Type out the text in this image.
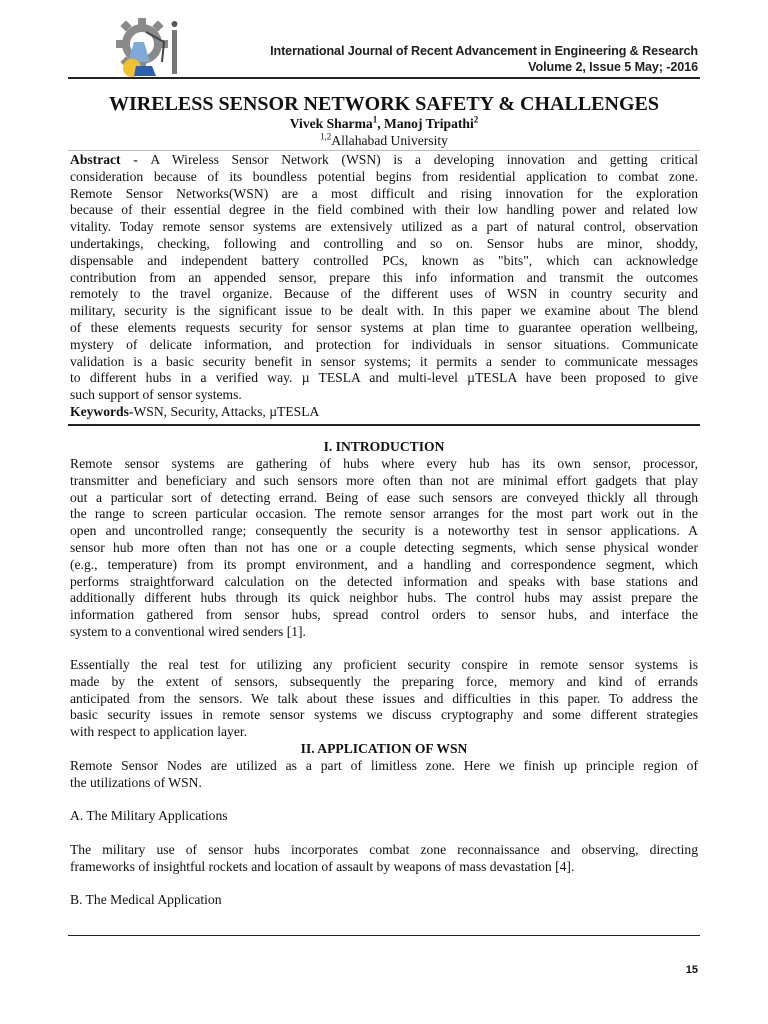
International Journal of Recent Advancement in Engineering & Research
Volume 2, Issue 5 May; -2016
WIRELESS SENSOR NETWORK SAFETY & CHALLENGES
Vivek Sharma$^1$, Manoj Tripathi$^2$
$^{1,2}$Allahabad University
Abstract - A Wireless Sensor Network (WSN) is a developing innovation and getting critical
consideration because of its boundless potential begins from residential application to combat zone.
Remote Sensor Networks(WSN) are a most difficult and rising innovation for the exploration
because of their essential degree in the field combined with their low handling power and related low
vitality. Today remote sensor systems are extensively utilized as a part of natural control, observation
undertakings, checking, following and controlling and so on. Sensor hubs are minor, shoddy,
dispensable and independent battery controlled PCs, known as "bits", which can acknowledge
contribution from an appended sensor, prepare this info information and transmit the outcomes
remotely to the travel organize. Because of the different uses of WSN in country security and
military, security is the significant issue to be dealt with. In this paper we examine about The blend
of these elements requests security for sensor systems at plan time to guarantee operation wellbeing,
mystery of delicate information, and protection for individuals in sensor situations. Communicate
validation is a basic security benefit in sensor systems; it permits a sender to communicate messages
to different hubs in a verified way. µ TESLA and multi-level µTESLA have been proposed to give
such support of sensor systems.
Keywords-WSN, Security, Attacks, µTESLA
I. INTRODUCTION
Remote sensor systems are gathering of hubs where every hub has its own sensor, processor,
transmitter and beneficiary and such sensors more often than not are minimal effort gadgets that play
out a particular sort of detecting errand. Being of ease such sensors are conveyed thickly all through
the range to screen particular occasion. The remote sensor arranges for the most part work out in the
open and uncontrolled range; consequently the security is a noteworthy test in sensor applications. A
sensor hub more often than not has one or a couple detecting segments, which sense physical wonder
(e.g., temperature) from its prompt environment, and a handling and correspondence segment, which
performs straightforward calculation on the detected information and speaks with base stations and
additionally different hubs through its quick neighbor hubs. The control hubs may assist prepare the
information gathered from sensor hubs, spread control orders to sensor hubs, and interface the
system to a conventional wired senders [1].
Essentially the real test for utilizing any proficient security conspire in remote sensor systems is
made by the extent of sensors, subsequently the preparing force, memory and kind of errands
anticipated from the sensors. We talk about these issues and difficulties in this paper. To address the
basic security issues in remote sensor systems we discuss cryptography and some different strategies
with respect to application layer.
II. APPLICATION OF WSN
Remote Sensor Nodes are utilized as a part of limitless zone. Here we finish up principle region of
the utilizations of WSN.
A. The Military Applications
The military use of sensor hubs incorporates combat zone reconnaissance and observing, directing
frameworks of insightful rockets and location of assault by weapons of mass devastation [4].
B. The Medical Application
15
